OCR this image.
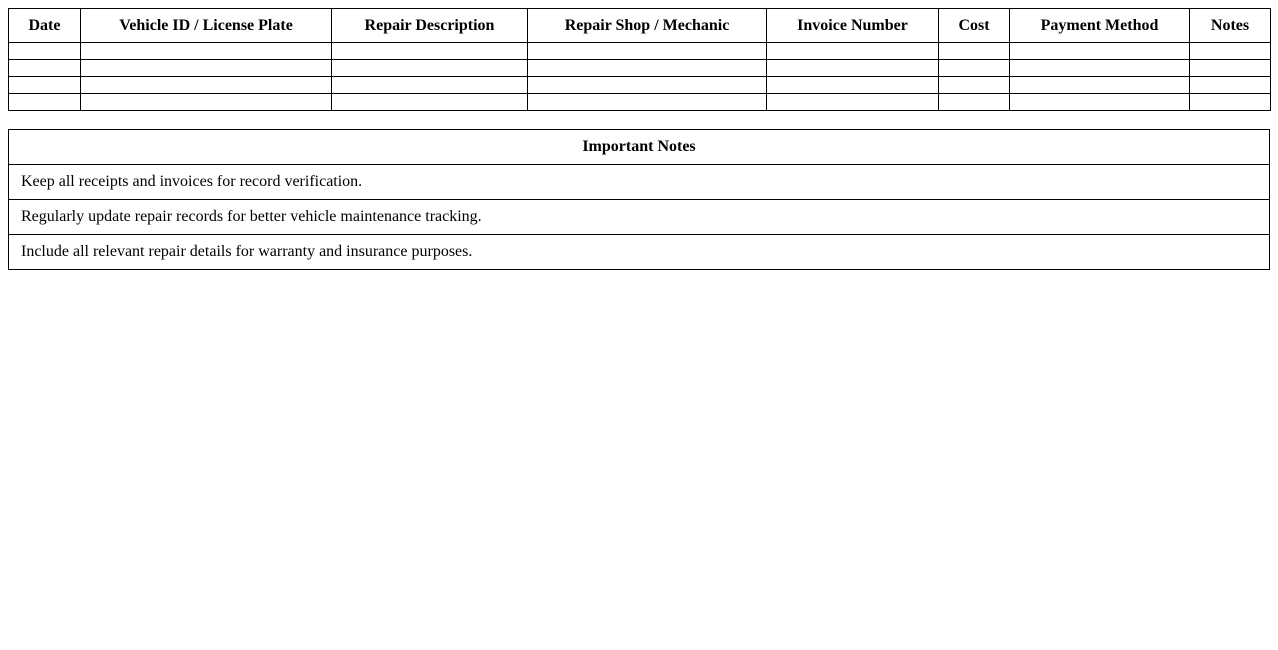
Date	Vehicle ID / License Plate	Repair Description	Repair Shop / Mechanic	Invoice Number	Cost	Payment Method	Notes

Important Notes
Keep all receipts and invoices for record verification.
Regularly update repair records for better vehicle maintenance tracking.
Include all relevant repair details for warranty and insurance purposes.
